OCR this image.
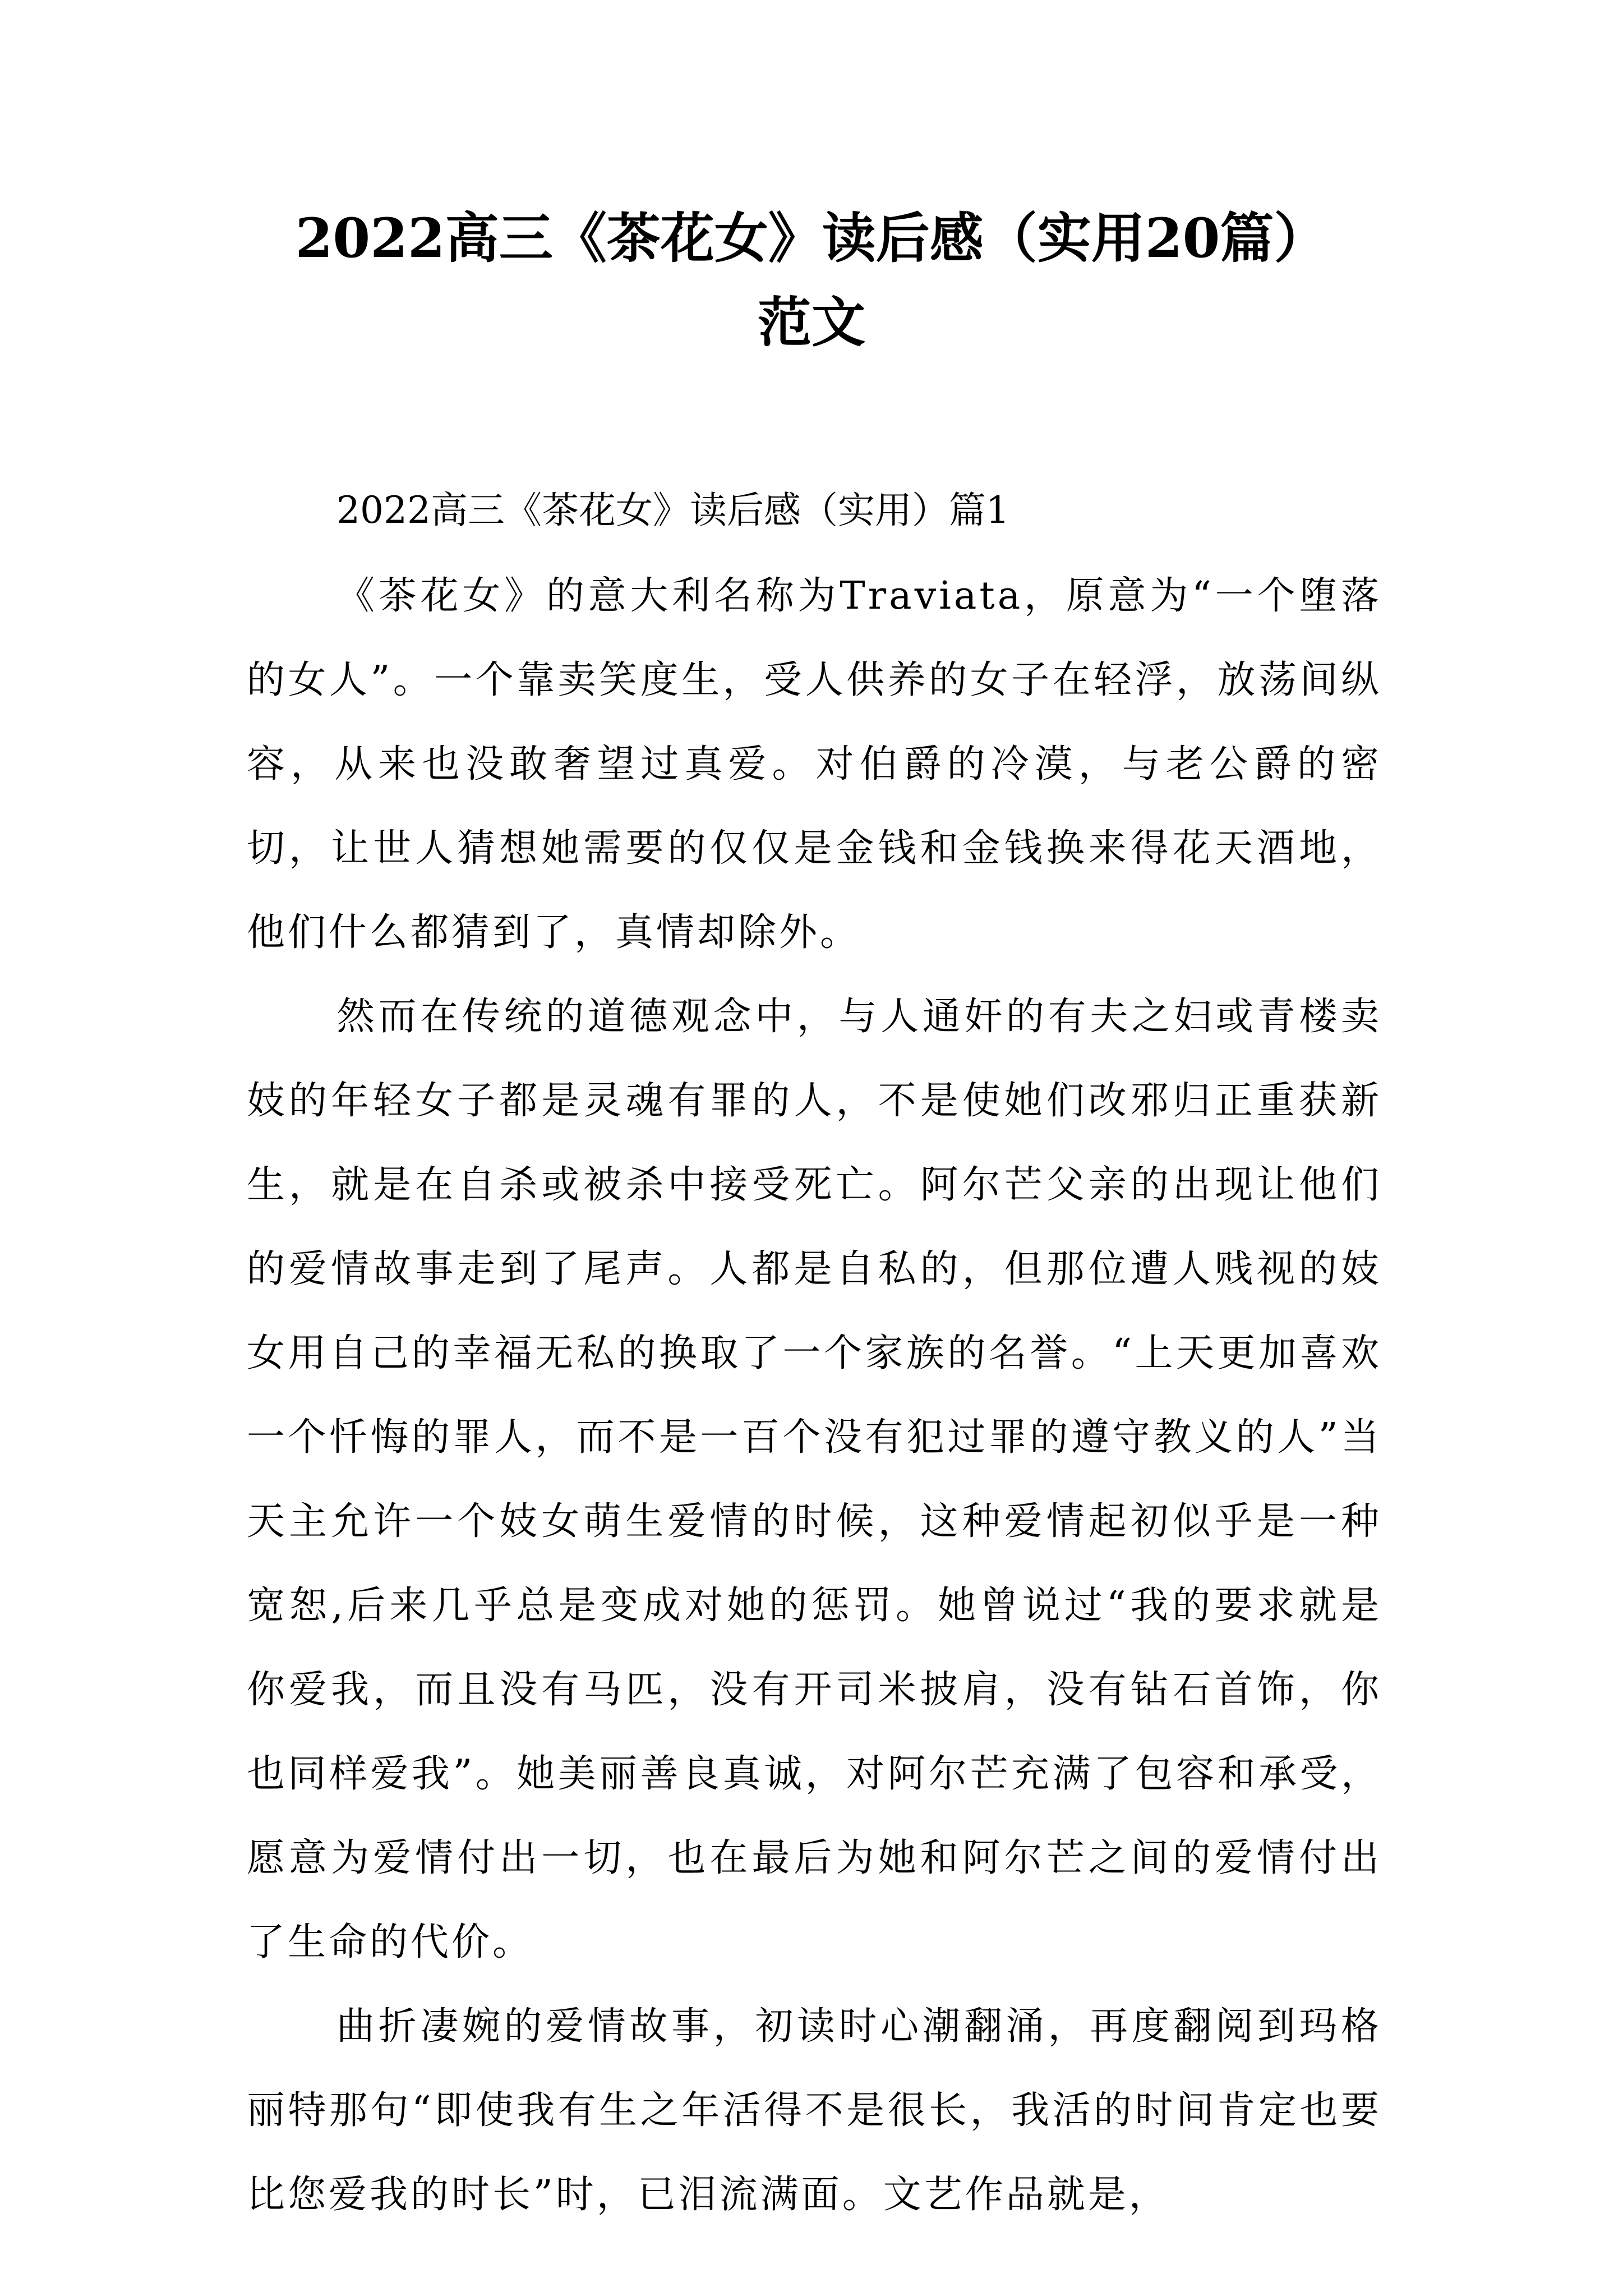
2022高三《茶花女》读后感（实用20篇）
范文

2022高三《茶花女》读后感（实用）篇1

《茶花女》的意大利名称为Traviata，原意为“一个堕落的女人”。一个靠卖笑度生，受人供养的女子在轻浮，放荡间纵容，从来也没敢奢望过真爱。对伯爵的冷漠，与老公爵的密切，让世人猜想她需要的仅仅是金钱和金钱换来得花天酒地，他们什么都猜到了，真情却除外。

然而在传统的道德观念中，与人通奸的有夫之妇或青楼卖妓的年轻女子都是灵魂有罪的人，不是使她们改邪归正重获新生，就是在自杀或被杀中接受死亡。阿尔芒父亲的出现让他们的爱情故事走到了尾声。人都是自私的，但那位遭人贱视的妓女用自己的幸福无私的换取了一个家族的名誉。“上天更加喜欢一个忏悔的罪人，而不是一百个没有犯过罪的遵守教义的人”当天主允许一个妓女萌生爱情的时候，这种爱情起初似乎是一种宽恕,后来几乎总是变成对她的惩罚。她曾说过“我的要求就是你爱我，而且没有马匹，没有开司米披肩，没有钻石首饰，你也同样爱我”。她美丽善良真诚，对阿尔芒充满了包容和承受，愿意为爱情付出一切，也在最后为她和阿尔芒之间的爱情付出了生命的代价。

曲折凄婉的爱情故事，初读时心潮翻涌，再度翻阅到玛格丽特那句“即使我有生之年活得不是很长，我活的时间肯定也要比您爱我的时长”时，已泪流满面。文艺作品就是，
